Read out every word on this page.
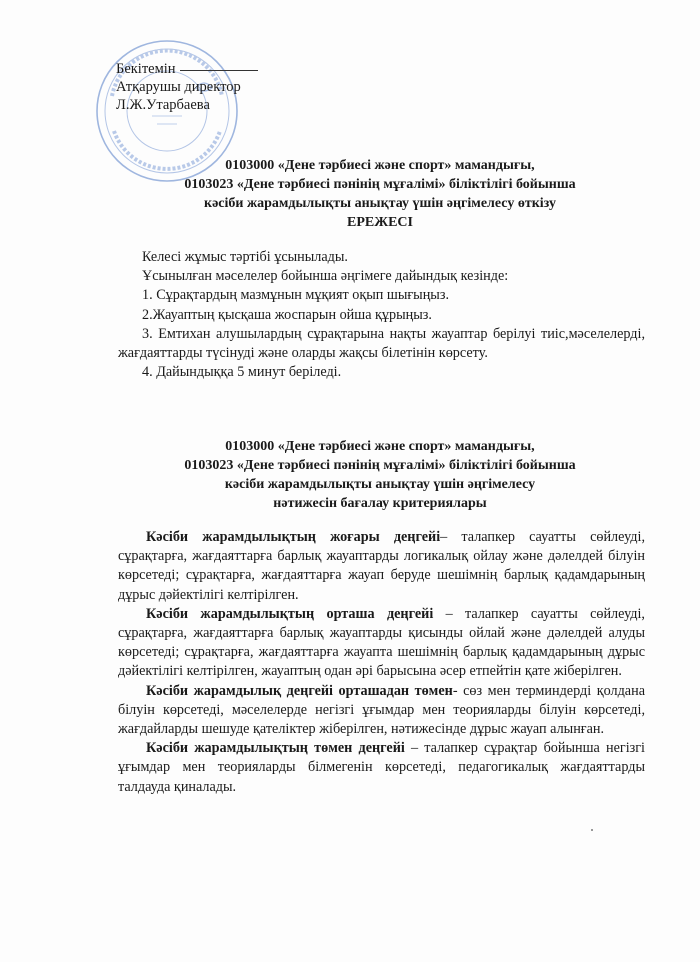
Бекітемін
Атқарушы директор
Л.Ж.Утарбаева
0103000 «Дене тәрбиесі және спорт» мамандығы,
0103023 «Дене тәрбиесі пәнінің мұғалімі» біліктілігі бойынша
кәсіби жарамдылықты анықтау үшін әңгімелесу өткізу
ЕРЕЖЕСІ

Келесі жұмыс тәртібі ұсынылады.

Ұсынылған мәселелер бойынша әңгімеге дайындық кезінде:

1. Сұрақтардың мазмұнын мұқият оқып шығыңыз.

2.Жауаптың қысқаша жоспарын ойша құрыңыз.

3. Емтихан алушылардың сұрақтарына нақты жауаптар берілуі тиіс,мәселелерді, жағдаяттарды түсінуді және оларды жақсы білетінін көрсету.

4. Дайындыққа 5 минут беріледі.

0103000 «Дене тәрбиесі және спорт» мамандығы,
0103023 «Дене тәрбиесі пәнінің мұғалімі» біліктілігі бойынша
кәсіби жарамдылықты анықтау үшін әңгімелесу
нәтижесін бағалау критериялары

Кәсіби жарамдылықтың жоғары деңгейі– талапкер сауатты сөйлеуді, сұрақтарға, жағдаяттарға барлық жауаптарды логикалық ойлау және дәлелдей білуін көрсетеді; сұрақтарға, жағдаяттарға жауап беруде шешімнің барлық қадамдарының дұрыс дәйектілігі келтірілген.

Кәсіби жарамдылықтың орташа деңгейі – талапкер сауатты сөйлеуді, сұрақтарға, жағдаяттарға барлық жауаптарды қисынды ойлай және дәлелдей алуды көрсетеді; сұрақтарға, жағдаяттарға жауапта шешімнің барлық қадамдарының дұрыс дәйектілігі келтірілген, жауаптың одан әрі барысына әсер етпейтін қате жіберілген.

Кәсіби жарамдылық деңгейі орташадан төмен- сөз мен терминдерді қолдана білуін көрсетеді, мәселелерде негізгі ұғымдар мен теорияларды білуін көрсетеді, жағдайларды шешуде қателіктер жіберілген, нәтижесінде дұрыс жауап алынған.

Кәсіби жарамдылықтың төмен деңгейі – талапкер сұрақтар бойынша негізгі ұғымдар мен теорияларды білмегенін көрсетеді, педагогикалық жағдаяттарды талдауда қиналады.
